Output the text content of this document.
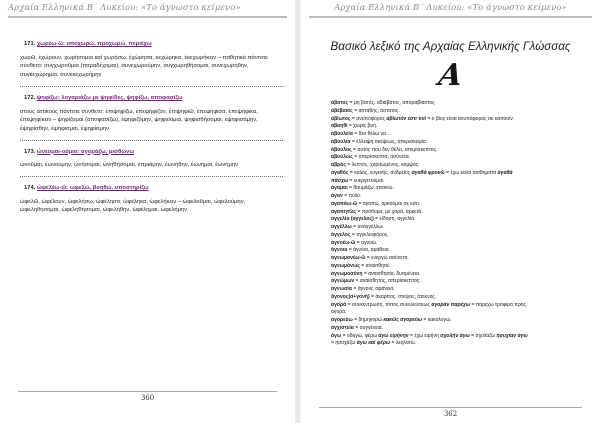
Αρχαία Ελληνικά Β΄ Λυκείου: «Το άγνωστο κείμενο»
171. χωρέω-ῶ: υποχωρώ, προχωρώ, περιέχω
χωρῶ, ἐχώρουν, χωρήσομαι καί χωρήσω, ἐχώρησα, κεχώρηκα, ἐκεχωρήκειν – παθητικό πάντοτε σύνθετο: συγχωροῦμαι (παραδέχομαι), συνεχωρούμην, συγχωρηθήσομαι, συνεχωρήθην, συγκεχώρημαι, συνεκεχωρήμην
172. ψηφίζω: λογαριάζω με ψηφίδες, ψηφίζω, αποφασίζω
στους αττικούς πάντοτε σύνθετο: ἐπιψηφίζω, ἐπεψήφιζον, ἐπιψηφιῶ, ἐπεψήφισα, ἐπεψήφικα, ἐπεψηφίκειν – ψηφίζομαι (αποφασίζω), ἐψηφιζόμην, ψηφιοῦμαι, ψηφισθήσομαι, ἐψηφισάμην, ἐψηφίσθην, ἐψήφισμαι, ἐψηφίσμην
173. ὠνέομαι-οῦμαι: αγοράζω, μισθώνω
ὠνοῦμαι, ἐωνούμην, ὠνήσομαι, ὠνηθήσομαι, ἐπριάμην, ἑωνήθην, ἑώνημαι, ἑωνήμην
174. ὠφελέω-ῶ: ωφελώ, βοηθώ, υποστηρίζω
ὠφελῶ, ὠφέλουν, ὠφελήσω, ὠφέλησα, ὠφέληκα, ὠφελήκειν – ὠφελοῦμαι, ὠφελούμην, ὠφεληθήσομαι, ὠφεληθήσομαι, ὠφελήθην, ὠφέλημαι, ὠφελήμην
360
Αρχαία Ελληνικά Β΄ Λυκείου: «Το άγνωστο κείμενο»
Βασικό λεξικό της Αρχαίας Ελληνικής Γλώσσας
Α
ἄβατος = μη βατός, αδιάβατος, απαραβίαστος
ἀβέβαιος = ασταθής, άστατος.
ἀβίωτος = ανυπόφορος ἀβίωτόν ἐστι τινί = ο βίος είναι ανυπόφορος σε κάποιον.
ἀβοηθί = χωρίς βοή.
ἀβουλεία = δεν θέλω να…
ἀβουλία = έλλειψη σκέψεως, απερισκεψία.
ἄβουλος = αυτός που δεν θέλει, απερίσκεπτος.
ἀβούλως = απερίσκεπτα, ασύνετα.
ἁβρός = λεπτός, χαριτωμένος, κομψός.
ἀγαθός = καλός, ευγενής, ανδρείος ἀγαθά φρονῶ = έχω καλά αισθήματα ἀγαθά
πάσχω = ευεργετούμαι.
ἄγαμαι = θαυμάζω, επαινώ.
ἄγαν = πολύ.
ἀγαπάω-ῶ = αγαπώ, αρκούμαι σε κάτι.
ἀγαπητῶς = πρόθυμα, με χαρά, αρκετά.
ἀγγελία (ἀγγελος) = είδηση, αγγελία.
ἀγγέλλω = αναγγέλλω.
ἄγγελος = αγγελιοφόρος.
ἀγνοέω-ῶ = αγνοώ.
ἄγνοια = άγνοια, αμάθεια.
ἀγνωμονέω-ῶ = ενεργώ ασύνετα.
ἀγνωμόνως = αναίσθητα.
ἀγνωμοσύνη = αναισθησία, δυσμένεια.
ἀγνώμων = αναίσθητος, απερίσκεπτος.
ἀγνωσία = άγνοια, αφάνεια.
ἄγονος(α+γονή) = άκαρπος, στείρος, άτεκνος.
ἀγορά = συνκέντρωση, τόπος συνελεύσεως ἀγοράν παρέχω = παρέχω τρόφιμα προς
αγορά.
ἀγορεύω = δημηγορώ κακῶς ἀγορεύω = κακολογώ.
ἀγχιστεία = συγγένεια.
ἄγω = οδηγώ, φέρω ἄγω εἰρήνην = έχω ειρήνη σχολὴν ἄγω = σχολάζω ἡσυχίαν ἄγω
= ησυχάζω ἄγω καὶ φέρω = λεηλατώ.
362
